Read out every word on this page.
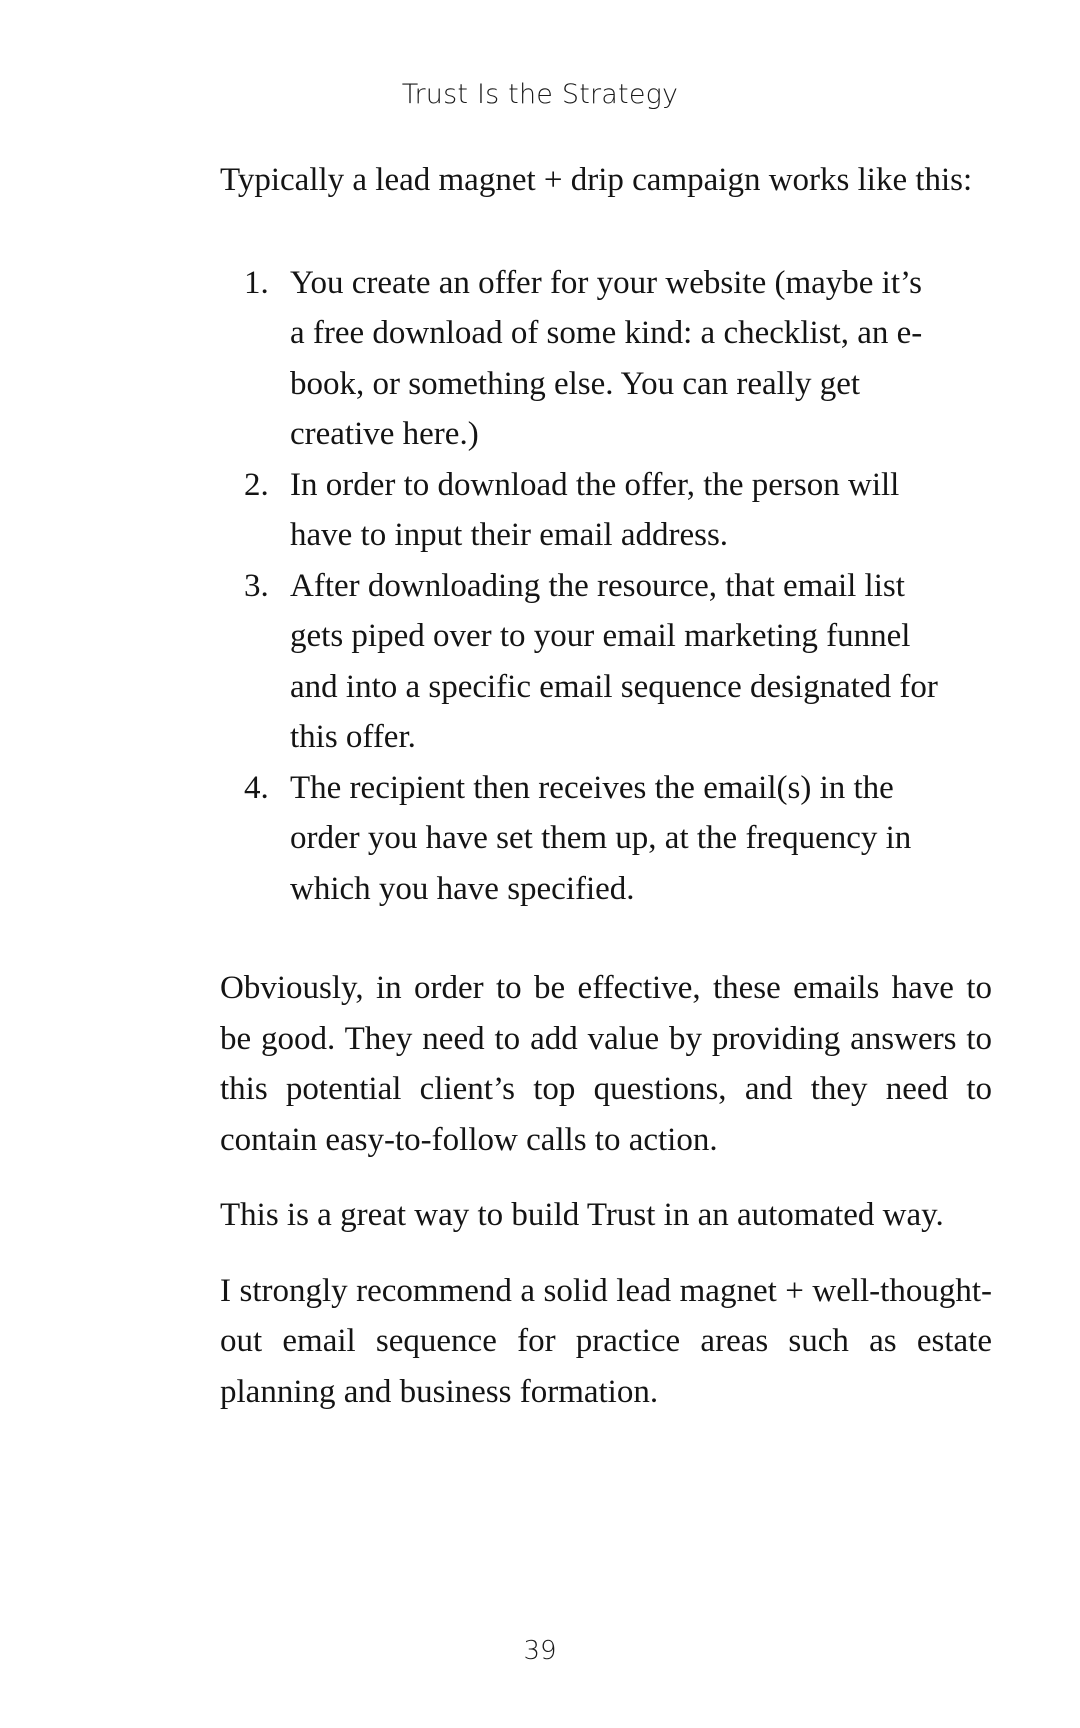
Trust Is the Strategy

Typically a lead magnet + drip campaign works like this:

1. You create an offer for your website (maybe it’s a free download of some kind: a checklist, an e-book, or something else. You can really get creative here.)
2. In order to download the offer, the person will have to input their email address.
3. After downloading the resource, that email list gets piped over to your email marketing funnel and into a specific email sequence designated for this offer.
4. The recipient then receives the email(s) in the order you have set them up, at the frequency in which you have specified.

Obviously, in order to be effective, these emails have to be good. They need to add value by providing answers to this potential client’s top questions, and they need to contain easy-to-follow calls to action.

This is a great way to build Trust in an automated way.

I strongly recommend a solid lead magnet + well-thought-out email sequence for practice areas such as estate planning and business formation.

39
